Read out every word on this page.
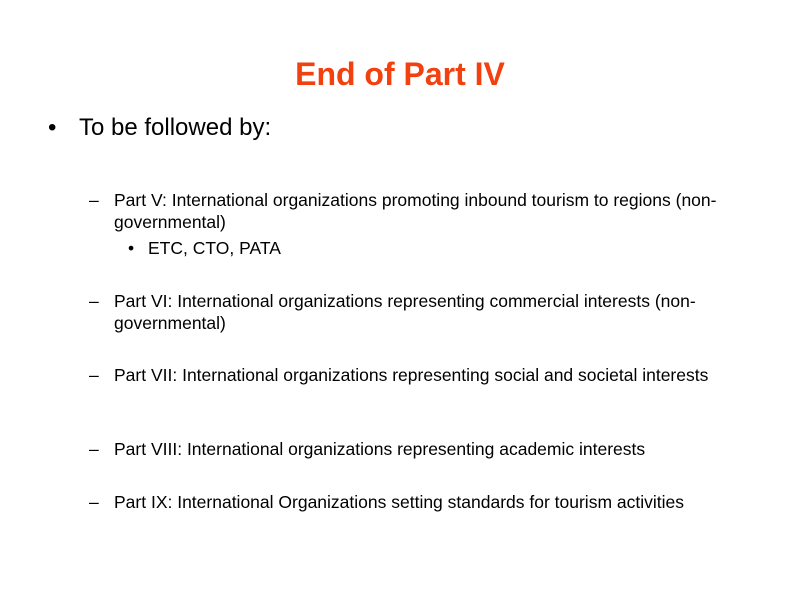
End of Part IV
• To be followed by:
– Part V: International organizations promoting inbound tourism to regions (non-governmental)
• ETC, CTO, PATA
– Part VI: International organizations representing commercial interests (non-governmental)
– Part VII: International organizations representing social and societal interests
– Part VIII: International organizations representing academic interests
– Part IX: International Organizations setting standards for tourism activities
